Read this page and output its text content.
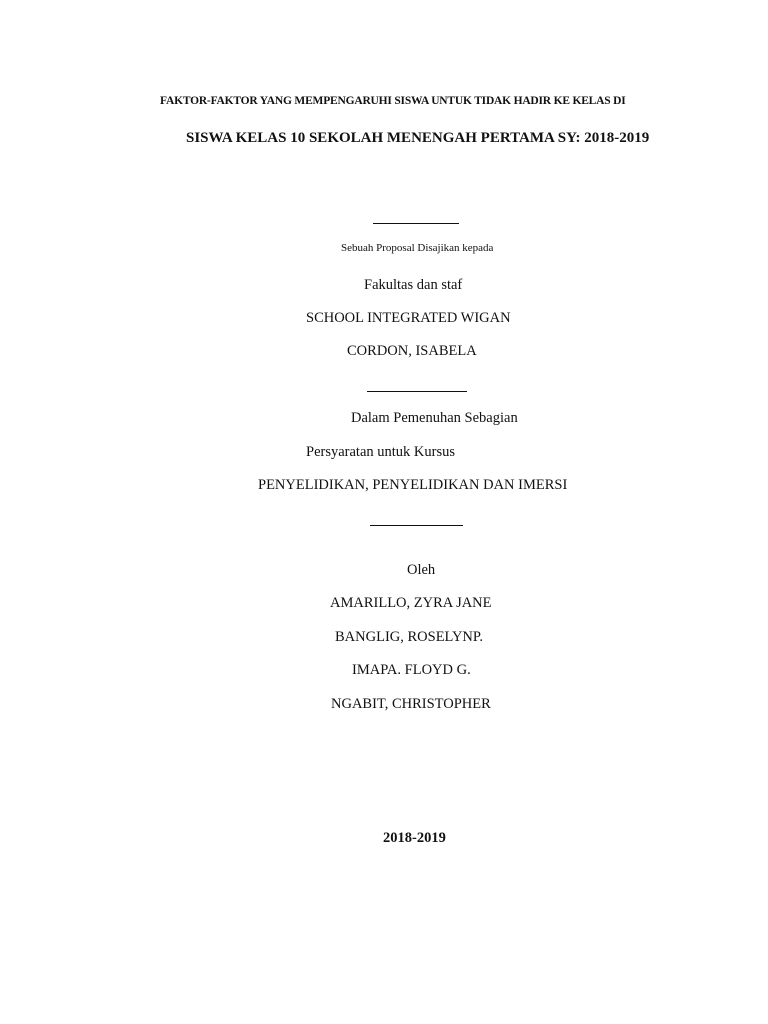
FAKTOR-FAKTOR YANG MEMPENGARUHI SISWA UNTUK TIDAK HADIR KE KELAS DI
SISWA KELAS 10 SEKOLAH MENENGAH PERTAMA SY: 2018-2019
Sebuah Proposal Disajikan kepada
Fakultas dan staf
SCHOOL INTEGRATED WIGAN
CORDON, ISABELA
Dalam Pemenuhan Sebagian
Persyaratan untuk Kursus
PENYELIDIKAN, PENYELIDIKAN DAN IMERSI
Oleh
AMARILLO, ZYRA JANE
BANGLIG, ROSELYNP.
IMAPA. FLOYD G.
NGABIT, CHRISTOPHER
2018-2019
